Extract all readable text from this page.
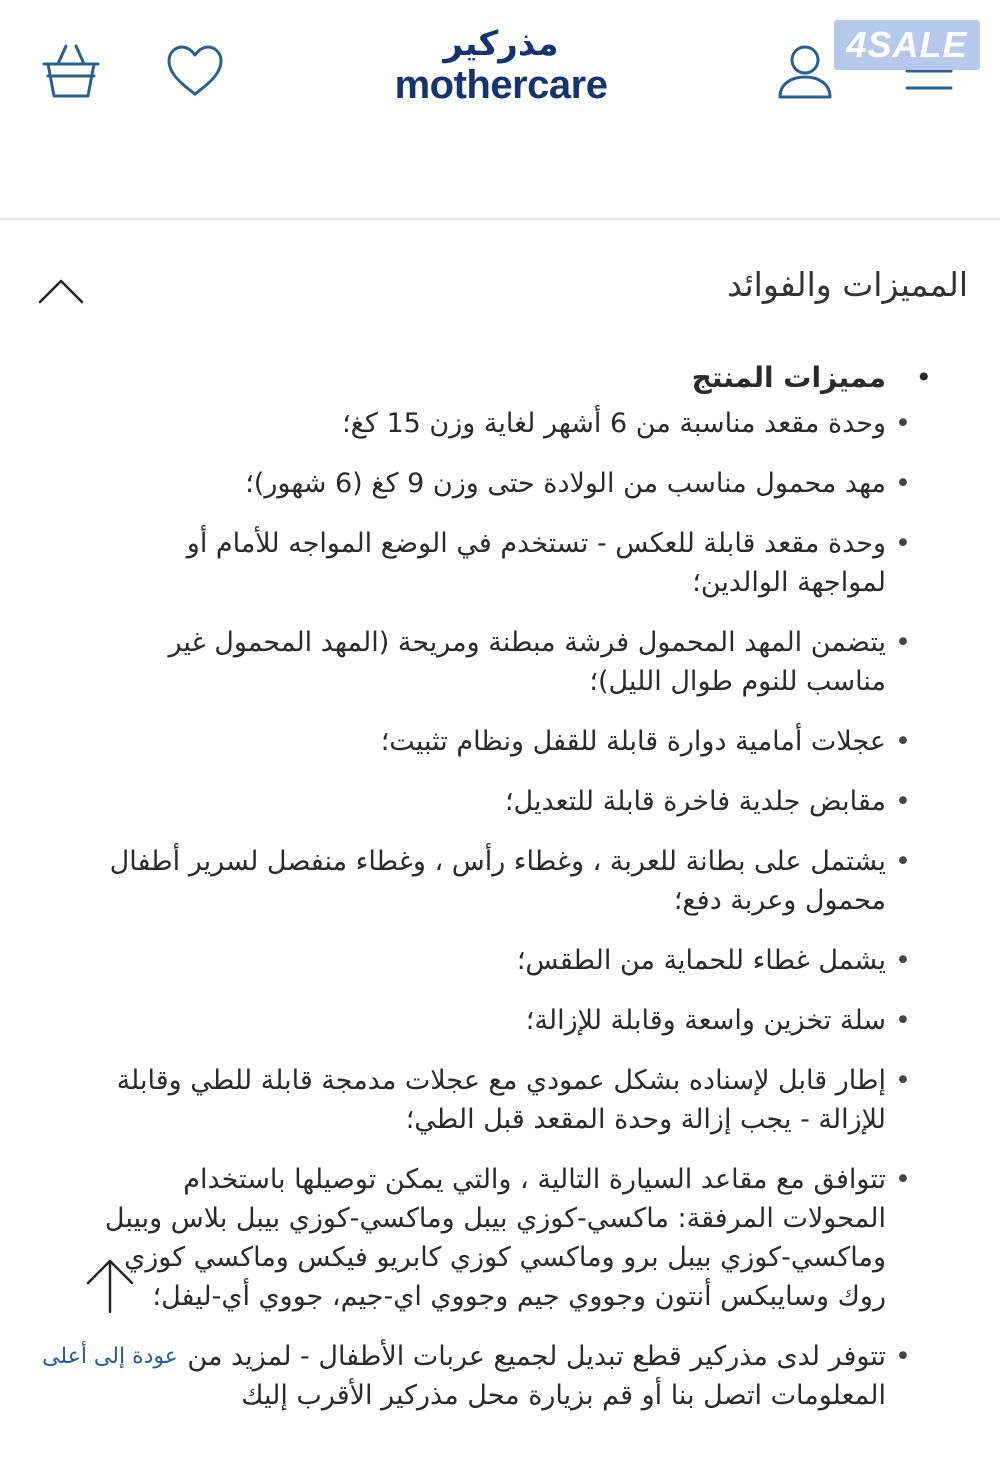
مذركير
mothercare
4SALE
المميزات والفوائد
•
مميزات المنتج
•
وحدة مقعد مناسبة من 6 أشهر لغاية وزن 15 كغ؛
•
مهد محمول مناسب من الولادة حتى وزن 9 كغ (6 شهور)؛
•
وحدة مقعد قابلة للعكس - تستخدم في الوضع المواجه للأمام أو لمواجهة الوالدين؛
•
يتضمن المهد المحمول فرشة مبطنة ومريحة (المهد المحمول غير مناسب للنوم طوال الليل)؛
•
عجلات أمامية دوارة قابلة للقفل ونظام تثبيت؛
•
مقابض جلدية فاخرة قابلة للتعديل؛
•
يشتمل على بطانة للعربة ، وغطاء رأس ، وغطاء منفصل لسرير أطفال محمول وعربة دفع؛
•
يشمل غطاء للحماية من الطقس؛
•
سلة تخزين واسعة وقابلة للإزالة؛
•
إطار قابل لإسناده بشكل عمودي مع عجلات مدمجة قابلة للطي وقابلة للإزالة - يجب إزالة وحدة المقعد قبل الطي؛
•
تتوافق مع مقاعد السيارة التالية ، والتي يمكن توصيلها باستخدام المحولات المرفقة: ماكسي-كوزي بيبل وماكسي-كوزي بيبل بلاس وبيبل وماكسي-كوزي بيبل برو وماكسي كوزي كابريو فيكس وماكسي كوزي روك وسايبكس أنتون وجووي جيم وجووي اي-جيم، جووي أي-ليفل؛
•
تتوفر لدى مذركير قطع تبديل لجميع عربات الأطفال - لمزيد من المعلومات اتصل بنا أو قم بزيارة محل مذركير الأقرب إليك
عودة إلى أعلى
